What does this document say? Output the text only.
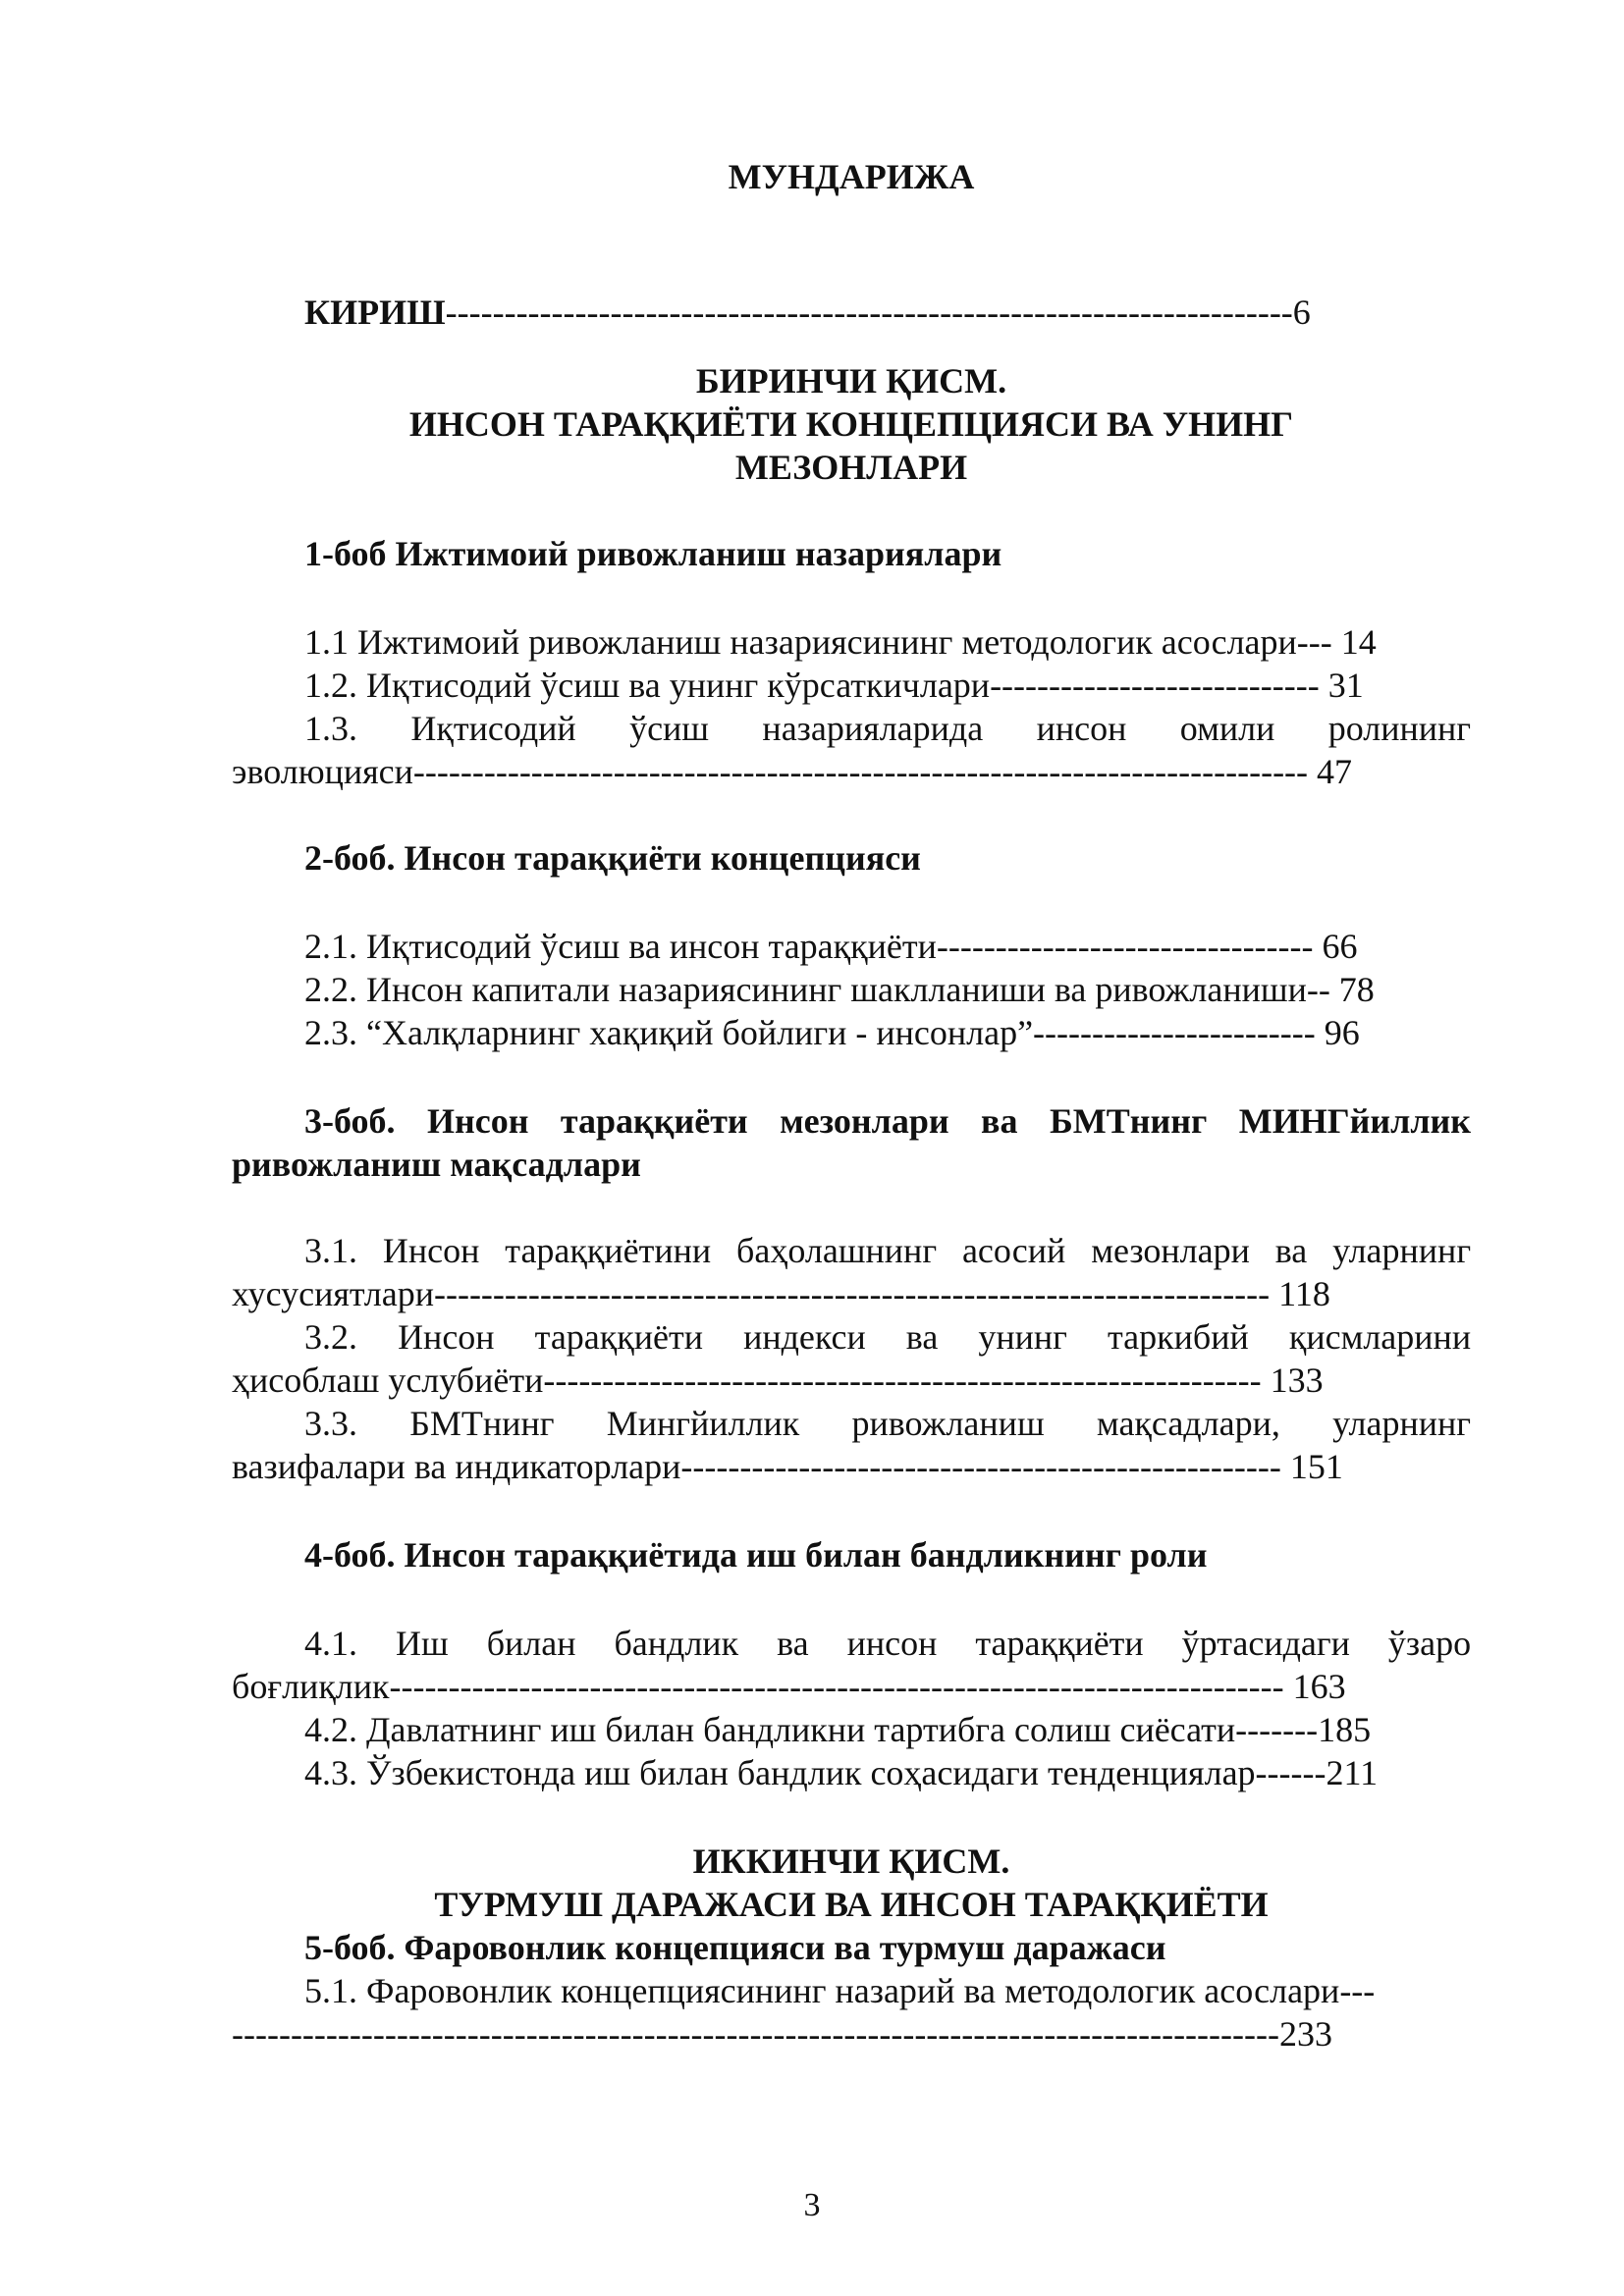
МУНДАРИЖА
КИРИШ------------------------------------------------------------------------6
БИРИНЧИ ҚИСМ.
ИНСОН ТАРАҚҚИЁТИ КОНЦЕПЦИЯСИ ВА УНИНГ
МЕЗОНЛАРИ
1-боб Ижтимоий ривожланиш назариялари
1.1 Ижтимоий ривожланиш назариясининг методологик асослари--- 14
1.2. Иқтисодий ўсиш ва унинг кўрсаткичлари---------------------------- 31
1.3. Иқтисодий ўсиш назарияларида инсон омили ролининг
эволюцияси---------------------------------------------------------------------------- 47
2-боб. Инсон тараққиёти концепцияси
2.1. Иқтисодий ўсиш ва инсон тараққиёти-------------------------------- 66
2.2. Инсон капитали назариясининг шаклланиши ва ривожланиши-- 78
2.3. “Халқларнинг хақиқий бойлиги - инсонлар”------------------------ 96
3-боб. Инсон тараққиёти мезонлари ва БМТнинг МИНГйиллик
ривожланиш мақсадлари
3.1. Инсон тараққиётини баҳолашнинг асосий мезонлари ва уларнинг
хусусиятлари----------------------------------------------------------------------- 118
3.2. Инсон тараққиёти индекси ва унинг таркибий қисмларини
ҳисоблаш услубиёти------------------------------------------------------------- 133
3.3. БМТнинг Мингйиллик ривожланиш мақсадлари, уларнинг
вазифалари ва индикаторлари--------------------------------------------------- 151
4-боб. Инсон тараққиётида иш билан бандликнинг роли
4.1. Иш билан бандлик ва инсон тараққиёти ўртасидаги ўзаро
боғлиқлик---------------------------------------------------------------------------- 163
4.2. Давлатнинг иш билан бандликни тартибга солиш сиёсати-------185
4.3. Ўзбекистонда иш билан бандлик соҳасидаги тенденциялар------211
ИККИНЧИ ҚИСМ.
ТУРМУШ ДАРАЖАСИ ВА ИНСОН ТАРАҚҚИЁТИ
5-боб. Фаровонлик концепцияси ва турмуш даражаси
5.1. Фаровонлик концепциясининг назарий ва методологик асослари---
-----------------------------------------------------------------------------------------233
3
